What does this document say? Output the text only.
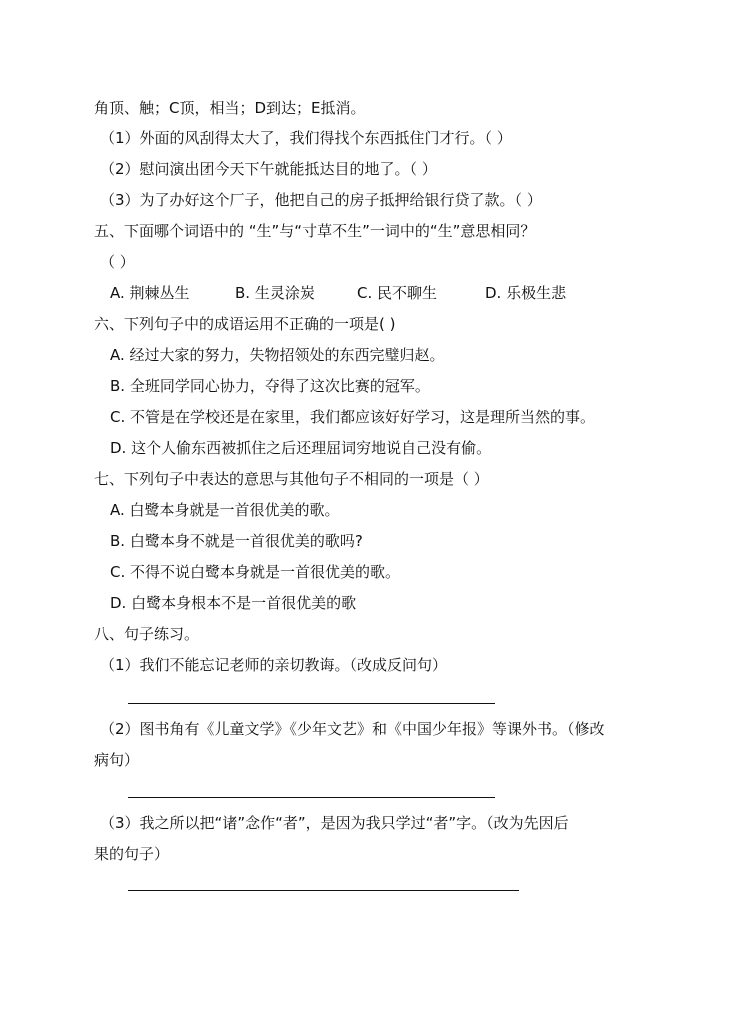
角顶、触；C顶，相当；D到达；E抵消。
（1）外面的风刮得太大了，我们得找个东西抵住门才行。（ ）
（2）慰问演出团今天下午就能抵达目的地了。（ ）
（3）为了办好这个厂子，他把自己的房子抵押给银行贷了款。（ ）
五、下面哪个词语中的 “生”与“寸草不生”一词中的“生”意思相同？
（ ）
A. 荆棘丛生	B. 生灵涂炭	C. 民不聊生	D. 乐极生悲
六、下列句子中的成语运用不正确的一项是( )
A. 经过大家的努力，失物招领处的东西完璧归赵。
B. 全班同学同心协力，夺得了这次比赛的冠军。
C. 不管是在学校还是在家里，我们都应该好好学习，这是理所当然的事。
D. 这个人偷东西被抓住之后还理屈词穷地说自己没有偷。
七、下列句子中表达的意思与其他句子不相同的一项是（ ）
A. 白鹭本身就是一首很优美的歌。
B. 白鹭本身不就是一首很优美的歌吗?
C. 不得不说白鹭本身就是一首很优美的歌。
D. 白鹭本身根本不是一首很优美的歌
八、句子练习。
（1）我们不能忘记老师的亲切教诲。（改成反问句）
（2）图书角有《儿童文学》《少年文艺》和《中国少年报》等课外书。（修改
病句）
（3）我之所以把“诸”念作“者”，是因为我只学过“者”字。（改为先因后
果的句子）
